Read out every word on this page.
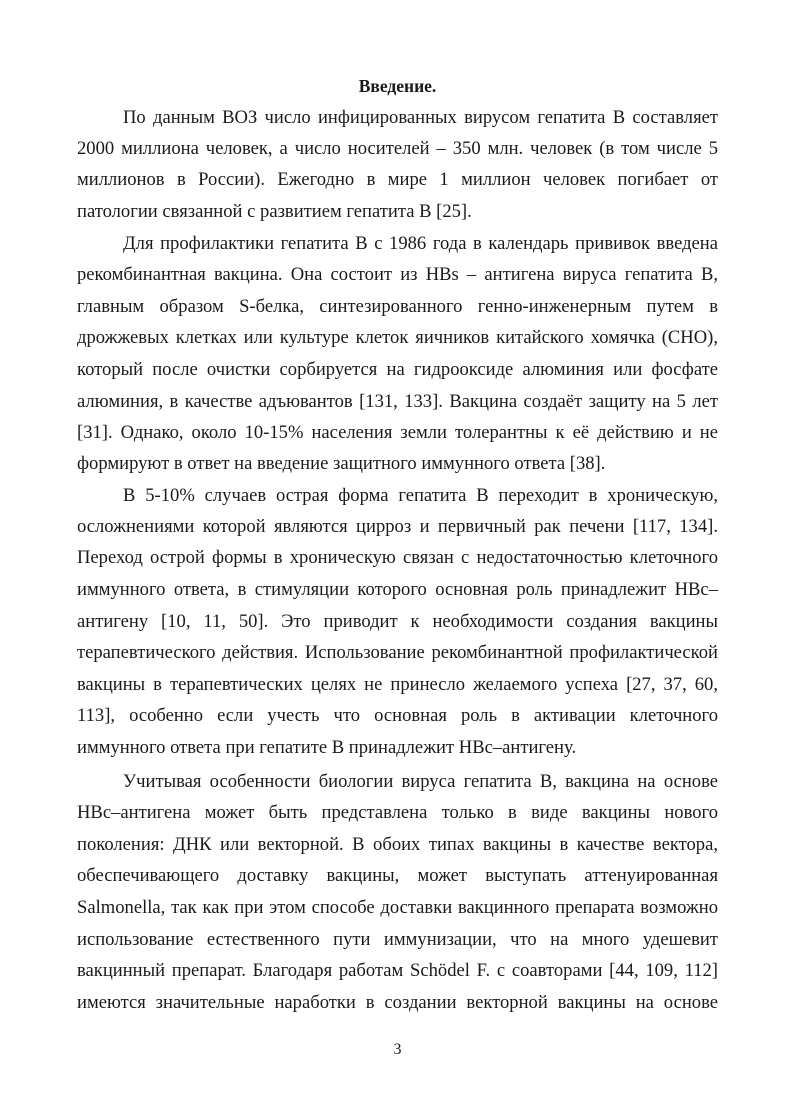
Введение.
По данным ВОЗ число инфицированных вирусом гепатита В составляет
2000 миллиона человек, а число носителей – 350 млн. человек (в том числе 5
миллионов в России). Ежегодно в мире 1 миллион человек погибает от
патологии связанной с развитием гепатита В [25].
Для профилактики гепатита В с 1986 года в календарь прививок введена
рекомбинантная вакцина. Она состоит из HBs – антигена вируса гепатита В,
главным образом S-белка, синтезированного генно-инженерным путем в
дрожжевых клетках или культуре клеток яичников китайского хомячка (CHO),
который после очистки сорбируется на гидрооксиде алюминия или фосфате
алюминия, в качестве адъювантов [131, 133]. Вакцина создаёт защиту на 5 лет
[31]. Однако, около 10-15% населения земли толерантны к её действию и не
формируют в ответ на введение защитного иммунного ответа [38].
В 5-10% случаев острая форма гепатита В переходит в хроническую,
осложнениями которой являются цирроз и первичный рак печени [117, 134].
Переход острой формы в хроническую связан с недостаточностью клеточного
иммунного ответа, в стимуляции которого основная роль принадлежит HBc–
антигену [10, 11, 50]. Это приводит к необходимости создания вакцины
терапевтического действия. Использование рекомбинантной профилактической
вакцины в терапевтических целях не принесло желаемого успеха [27, 37, 60,
113], особенно если учесть что основная роль в активации клеточного
иммунного ответа при гепатите В принадлежит HBc–антигену.
Учитывая особенности биологии вируса гепатита В, вакцина на основе
HBc–антигена может быть представлена только в виде вакцины нового
поколения: ДНК или векторной. В обоих типах вакцины в качестве вектора,
обеспечивающего доставку вакцины, может выступать аттенуированная
Salmonella, так как при этом способе доставки вакцинного препарата возможно
использование естественного пути иммунизации, что на много удешевит
вакцинный препарат. Благодаря работам Schödel F. с соавторами [44, 109, 112]
имеются значительные наработки в создании векторной вакцины на основе
3
